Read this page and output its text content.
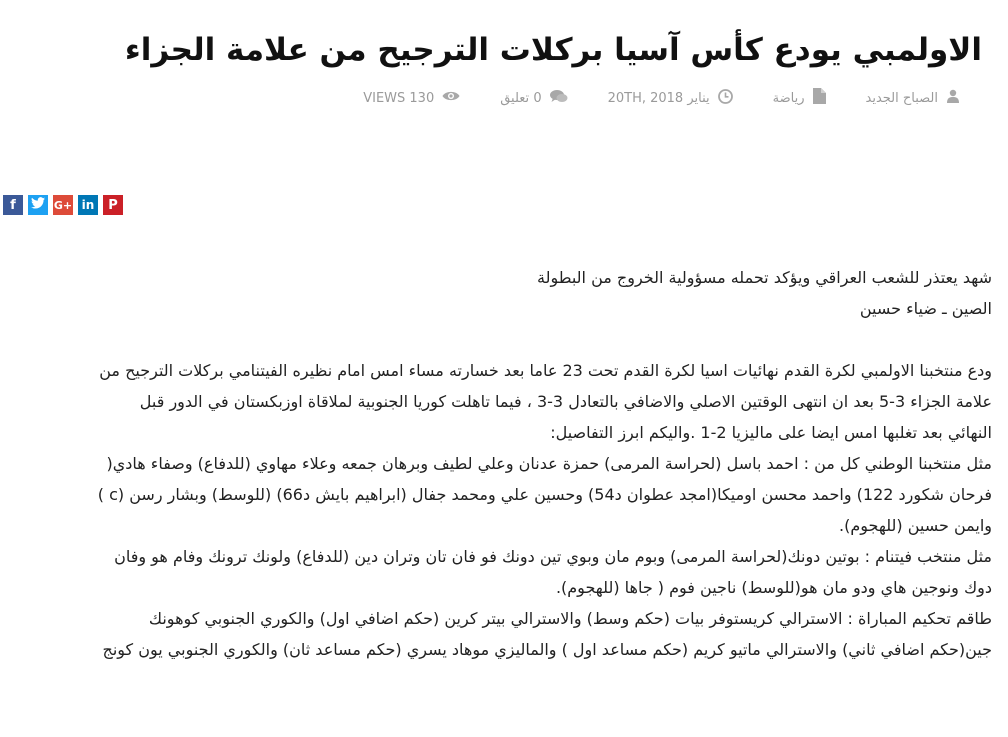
الاولمبي يودع كأس آسيا بركلات الترجيح من علامة الجزاء
الصباح الجديد
رياضة
يناير 20TH, 2018
0 تعليق
VIEWS 130
f	G+ in P

شهد يعتذر للشعب العراقي ويؤكد تحمله مسؤولية الخروج من البطولة
الصين ـ ضياء حسين

ودع منتخبنا الاولمبي لكرة القدم نهائيات اسيا لكرة القدم تحت 23 عاما بعد خسارته مساء امس امام نظيره الفيتنامي بركلات الترجيح من
علامة الجزاء 3-5 بعد ان انتهى الوقتين الاصلي والاضافي بالتعادل 3-3 ، فيما تاهلت كوريا الجنوبية لملاقاة اوزبكستان في الدور قبل
النهائي بعد تغلبها امس ايضا على ماليزيا 2-1 .واليكم ابرز التفاصيل:
مثل منتخبنا الوطني كل من : احمد باسل (لحراسة المرمى) حمزة عدنان وعلي لطيف وبرهان جمعه وعلاء مهاوي (للدفاع) وصفاء هادي(
فرحان شكورد 122) واحمد محسن اوميكا(امجد عطوان د54) وحسين علي ومحمد جفال (ابراهيم بايش د66) (للوسط) وبشار رسن (c )
وايمن حسين (للهجوم).
مثل منتخب فيتنام : بوتين دونك(لحراسة المرمى) وبوم مان وبوي تين دونك فو فان تان وتران دين (للدفاع) ولونك ترونك وفام هو وفان
دوك ونوجين هاي ودو مان هو(للوسط) ناجين فوم ( جاها (للهجوم).
طاقم تحكيم المباراة : الاسترالي كريستوفر بيات (حكم وسط) والاسترالي بيتر كرين (حكم اضافي اول) والكوري الجنوبي كوهونك
جين(حكم اضافي ثاني) والاسترالي ماتيو كريم (حكم مساعد اول ) والماليزي موهاد يسري (حكم مساعد ثان) والكوري الجنوبي يون كونج
